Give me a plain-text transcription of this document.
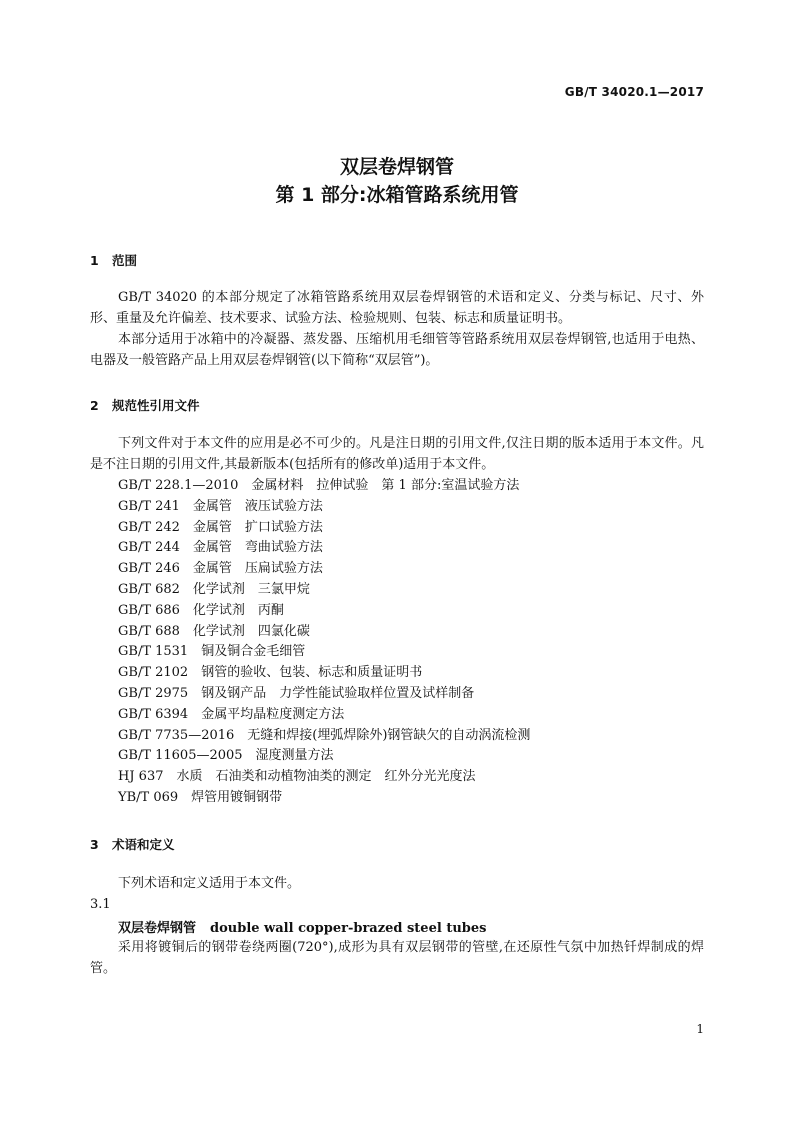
GB/T 34020.1—2017
双层卷焊钢管
第 1 部分:冰箱管路系统用管
1 范围

GB/T 34020 的本部分规定了冰箱管路系统用双层卷焊钢管的术语和定义、分类与标记、尺寸、外形、重量及允许偏差、技术要求、试验方法、检验规则、包装、标志和质量证明书。

本部分适用于冰箱中的冷凝器、蒸发器、压缩机用毛细管等管路系统用双层卷焊钢管,也适用于电热、电器及一般管路产品上用双层卷焊钢管(以下简称“双层管”)。

2 规范性引用文件

下列文件对于本文件的应用是必不可少的。凡是注日期的引用文件,仅注日期的版本适用于本文件。凡是不注日期的引用文件,其最新版本(包括所有的修改单)适用于本文件。

GB/T 228.1—2010　金属材料　拉伸试验　第 1 部分:室温试验方法
GB/T 241　金属管　液压试验方法
GB/T 242　金属管　扩口试验方法
GB/T 244　金属管　弯曲试验方法
GB/T 246　金属管　压扁试验方法
GB/T 682　化学试剂　三氯甲烷
GB/T 686　化学试剂　丙酮
GB/T 688　化学试剂　四氯化碳
GB/T 1531　铜及铜合金毛细管
GB/T 2102　钢管的验收、包装、标志和质量证明书
GB/T 2975　钢及钢产品　力学性能试验取样位置及试样制备
GB/T 6394　金属平均晶粒度测定方法
GB/T 7735—2016　无缝和焊接(埋弧焊除外)钢管缺欠的自动涡流检测
GB/T 11605—2005　湿度测量方法
HJ 637　水质　石油类和动植物油类的测定　红外分光光度法
YB/T 069　焊管用镀铜钢带
3 术语和定义

下列术语和定义适用于本文件。

3.1
双层卷焊钢管 double wall copper-brazed steel tubes

采用将镀铜后的钢带卷绕两圈(720°),成形为具有双层钢带的管壁,在还原性气氛中加热钎焊制成的焊管。

1
